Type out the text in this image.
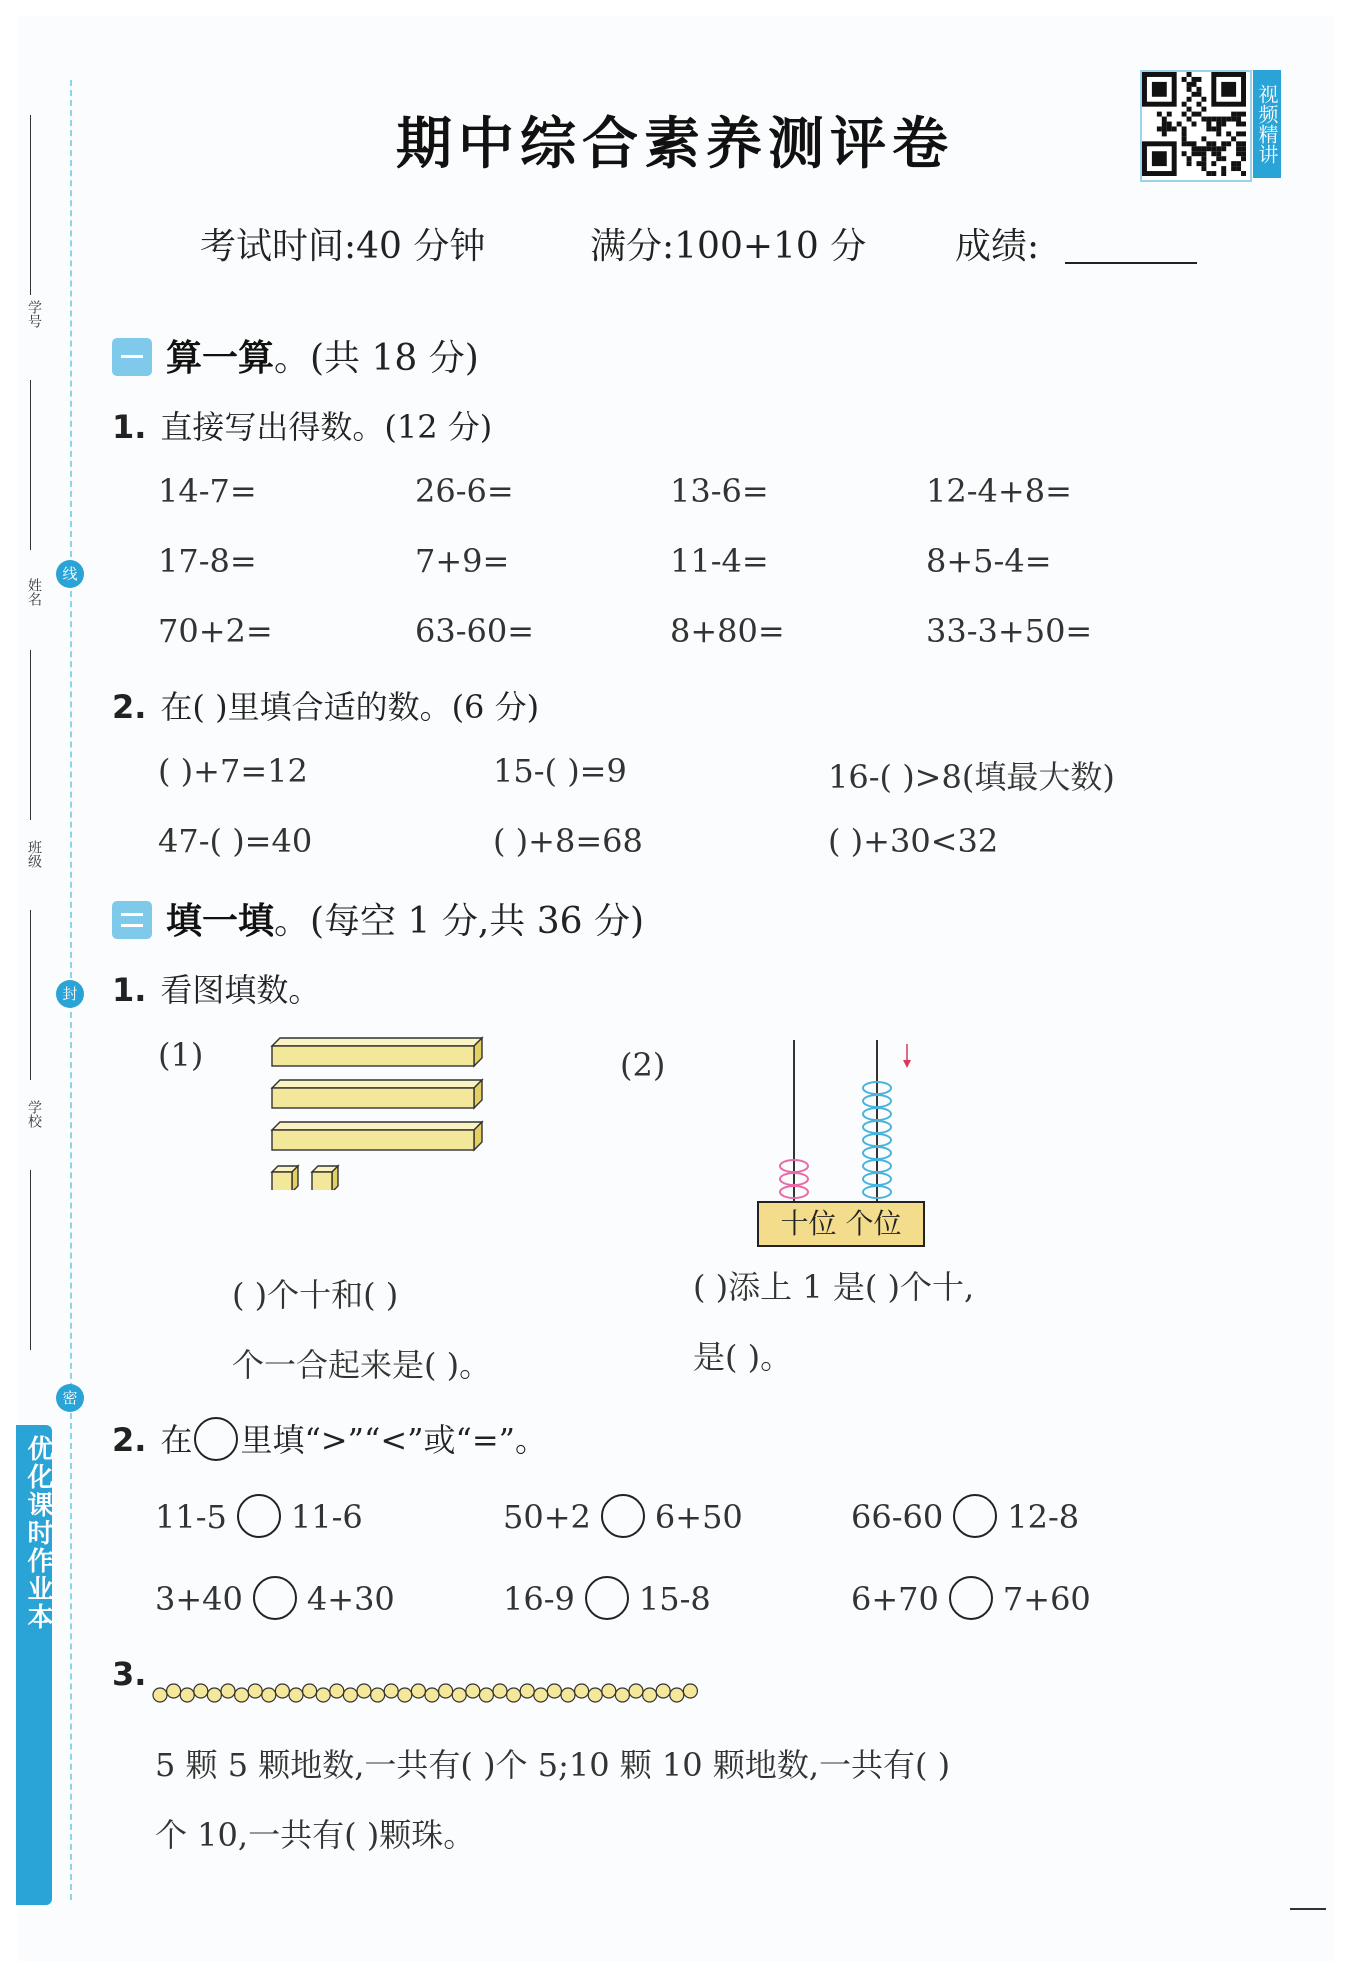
学号
姓名
班级
学校
线
封
密
优化课时作业本
期中综合素养测评卷	视频精讲
考试时间:40 分钟	满分:100+10 分 成绩:
算一算。(共 18 分)
1. 直接写出得数。(12 分)
14-7=	26-6=	13-6=	12-4+8=
17-8=	7+9=	11-4=	8+5-4=
70+2=	63-60=	8+80=	33-3+50=
2. 在( )里填合适的数。(6 分)
( )+7=12	15-( )=9	16-( )>8(填最大数)
47-( )=40	( )+8=68	( )+30<32
填一填。(每空 1 分,共 36 分)
1. 看图填数。
(1)	(2)
十位 个位
( )个十和( )
个一合起来是( )。
( )添上 1 是( )个十,
是( )。
2. 在 里填“>”“<”或“=”。
11-5 11-6	50+2 6+50	66-60 12-8
3+40 4+30	16-9 15-8	6+70 7+60
3.
5 颗 5 颗地数,一共有( )个 5;10 颗 10 颗地数,一共有( )
个 10,一共有( )颗珠。
